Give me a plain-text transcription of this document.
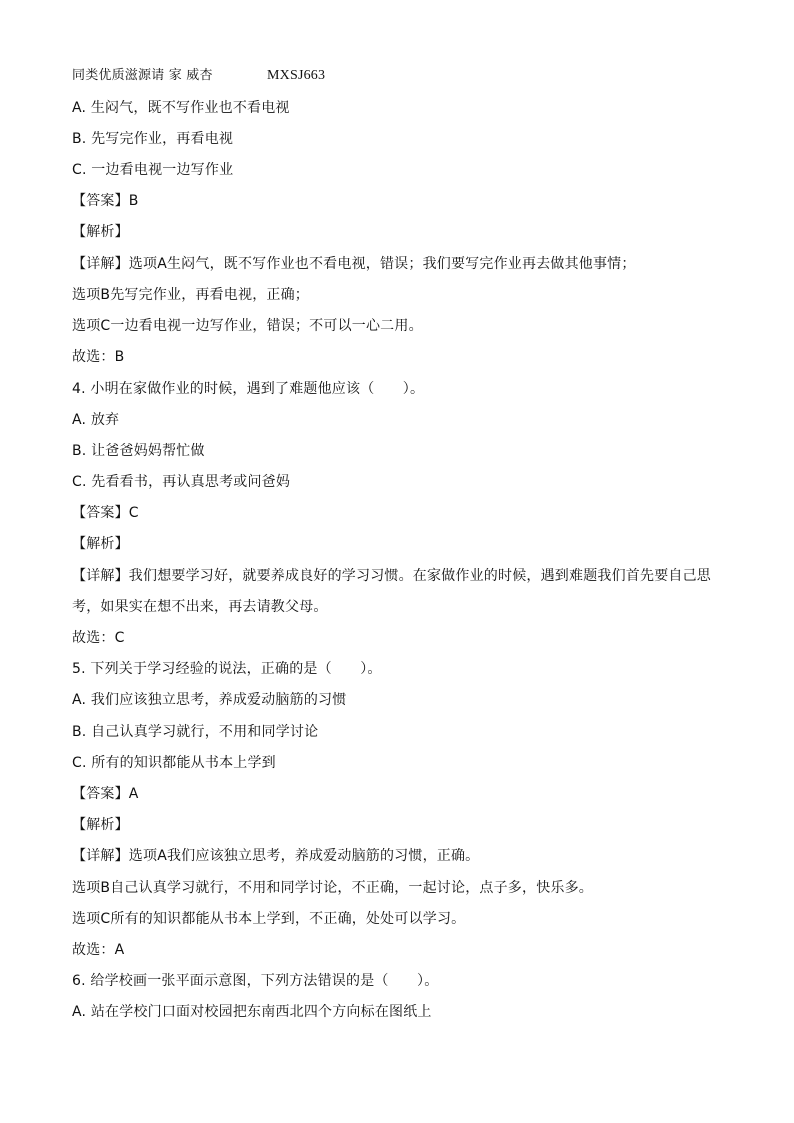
同类优质滋源请 家 威杏	MXSJ663
A. 生闷气，既不写作业也不看电视
B. 先写完作业，再看电视
C. 一边看电视一边写作业
【答案】B
【解析】
【详解】选项A生闷气，既不写作业也不看电视，错误；我们要写完作业再去做其他事情；
选项B先写完作业，再看电视，正确；
选项C一边看电视一边写作业，错误；不可以一心二用。
故选：B
4. 小明在家做作业的时候，遇到了难题他应该（　　）。
A. 放弃
B. 让爸爸妈妈帮忙做
C. 先看看书，再认真思考或问爸妈
【答案】C
【解析】
【详解】我们想要学习好，就要养成良好的学习习惯。在家做作业的时候，遇到难题我们首先要自己思
考，如果实在想不出来，再去请教父母。
故选：C
5. 下列关于学习经验的说法，正确的是（　　）。
A. 我们应该独立思考，养成爱动脑筋的习惯
B. 自己认真学习就行，不用和同学讨论
C. 所有的知识都能从书本上学到
【答案】A
【解析】
【详解】选项A我们应该独立思考，养成爱动脑筋的习惯，正确。
选项B自己认真学习就行，不用和同学讨论，不正确，一起讨论，点子多，快乐多。
选项C所有的知识都能从书本上学到，不正确，处处可以学习。
故选：A
6. 给学校画一张平面示意图，下列方法错误的是（　　）。
A. 站在学校门口面对校园把东南西北四个方向标在图纸上
